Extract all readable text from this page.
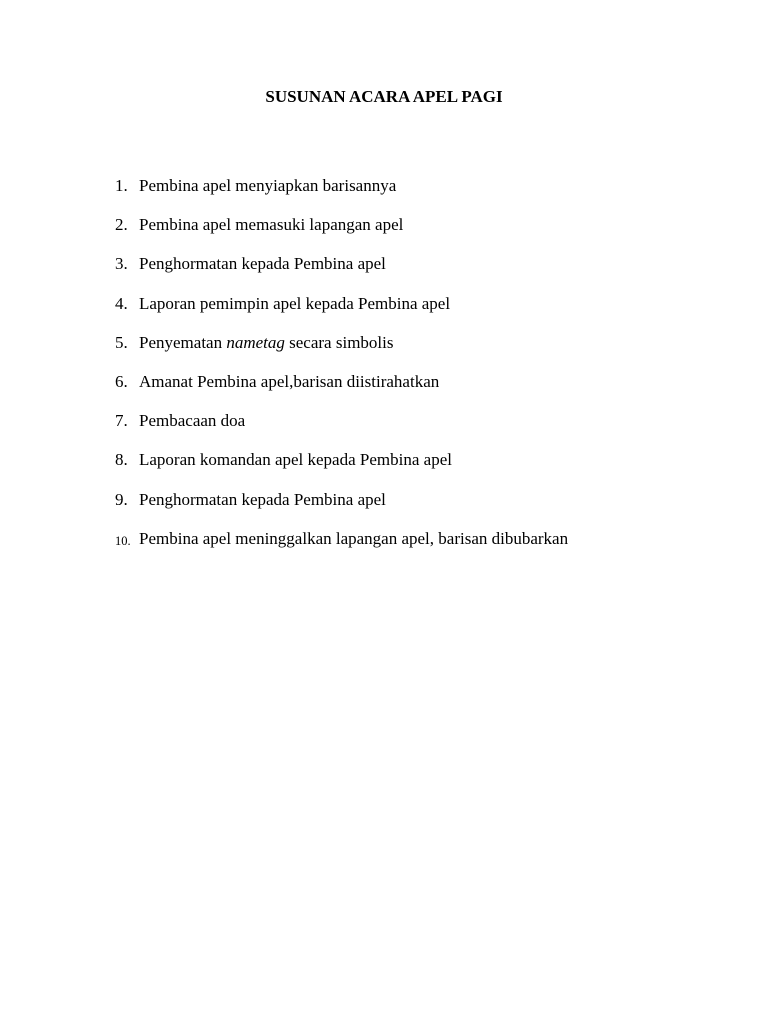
SUSUNAN ACARA APEL PAGI
1. Pembina apel menyiapkan barisannya
2. Pembina apel memasuki lapangan apel
3. Penghormatan kepada Pembina apel
4. Laporan pemimpin apel kepada Pembina apel
5. Penyematan nametag secara simbolis
6. Amanat Pembina apel,barisan diistirahatkan
7. Pembacaan doa
8. Laporan komandan apel kepada Pembina apel
9. Penghormatan kepada Pembina apel
10. Pembina apel meninggalkan lapangan apel, barisan dibubarkan
